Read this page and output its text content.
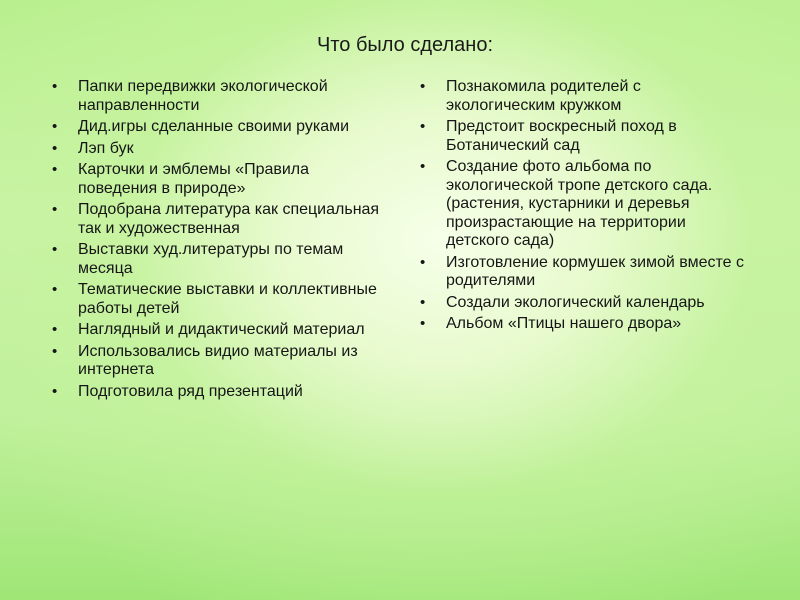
Что было сделано:
•	Папки передвижки экологической направленности
•	Дид.игры сделанные своими руками
•	Лэп бук
•	Карточки и эмблемы «Правила поведения в природе»
•	Подобрана литература как специальная так и художественная
•	Выставки худ.литературы по темам месяца
•	Тематические выставки и коллективные работы детей
•	Наглядный и дидактический материал
•	Использовались видио материалы из интернета
•	Подготовила ряд презентаций
•	Познакомила родителей с экологическим кружком
•	Предстоит воскресный поход в Ботанический сад
•	Создание фото альбома по экологической тропе детского сада. (растения, кустарники и деревья произрастающие на территории детского сада)
•	Изготовление кормушек зимой вместе с родителями
•	Создали экологический календарь
•	Альбом «Птицы нашего двора»
